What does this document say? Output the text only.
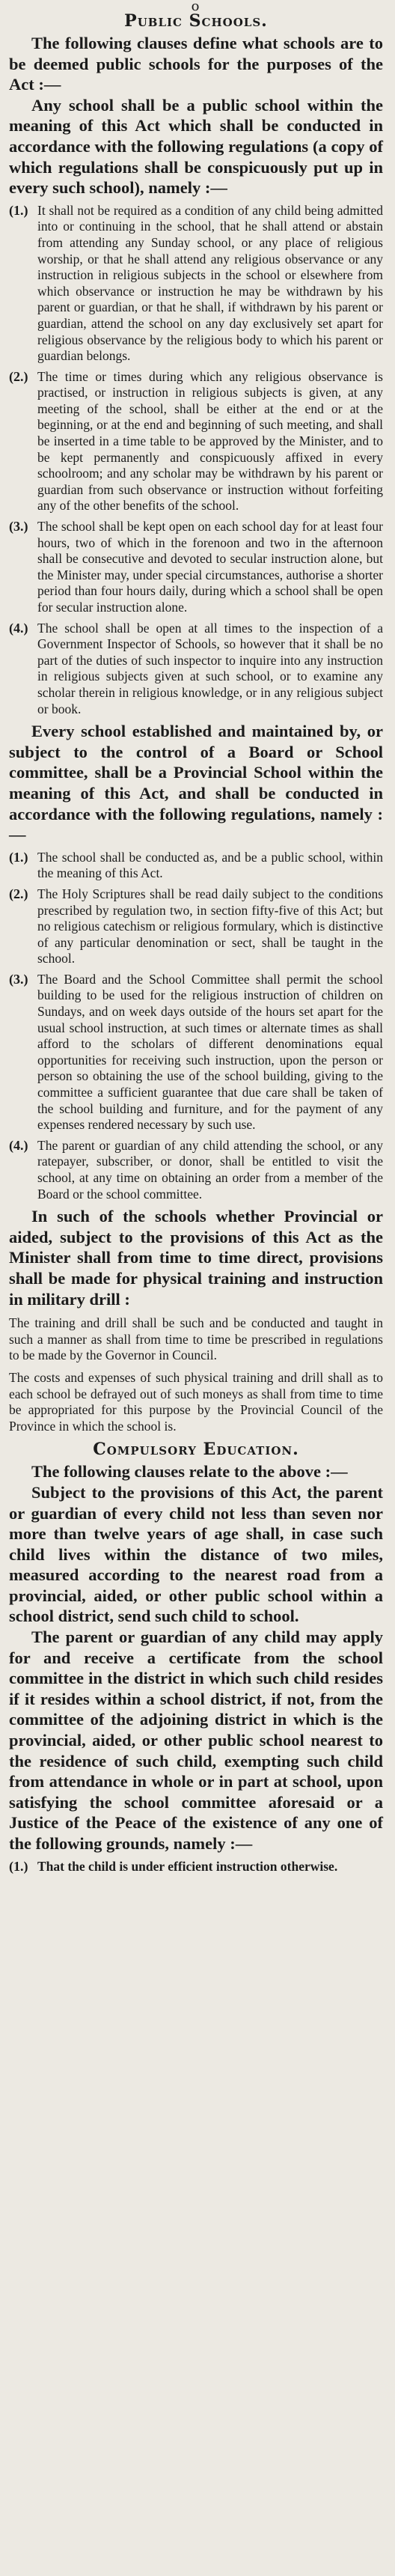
o
Public Schools.

The following clauses define what schools are to be deemed public schools for the purposes of the Act :—

Any school shall be a public school within the meaning of this Act which shall be conducted in accordance with the following regulations (a copy of which regulations shall be conspicuously put up in every such school), namely :—

(1.) It shall not be required as a condition of any child being admitted into or continuing in the school, that he shall attend or abstain from attending any Sunday school, or any place of religious worship, or that he shall attend any religious observance or any instruction in religious subjects in the school or elsewhere from which observance or instruction he may be withdrawn by his parent or guardian, or that he shall, if withdrawn by his parent or guardian, attend the school on any day exclusively set apart for religious observance by the religious body to which his parent or guardian belongs.
(2.) The time or times during which any religious observance is practised, or instruction in religious subjects is given, at any meeting of the school, shall be either at the end or at the beginning, or at the end and beginning of such meeting, and shall be inserted in a time table to be approved by the Minister, and to be kept permanently and conspicuously affixed in every schoolroom; and any scholar may be withdrawn by his parent or guardian from such observance or instruction without forfeiting any of the other benefits of the school.
(3.) The school shall be kept open on each school day for at least four hours, two of which in the forenoon and two in the afternoon shall be consecutive and devoted to secular instruction alone, but the Minister may, under special circumstances, authorise a shorter period than four hours daily, during which a school shall be open for secular instruction alone.
(4.) The school shall be open at all times to the inspection of a Government Inspector of Schools, so however that it shall be no part of the duties of such inspector to inquire into any instruction in religious subjects given at such school, or to examine any scholar therein in religious knowledge, or in any religious subject or book.

Every school established and maintained by, or subject to the control of a Board or School committee, shall be a Provincial School within the meaning of this Act, and shall be conducted in accordance with the following regulations, namely :—

(1.) The school shall be conducted as, and be a public school, within the meaning of this Act.
(2.) The Holy Scriptures shall be read daily subject to the conditions prescribed by regulation two, in section fifty-five of this Act; but no religious catechism or religious formulary, which is distinctive of any particular denomination or sect, shall be taught in the school.
(3.) The Board and the School Committee shall permit the school building to be used for the religious instruction of children on Sundays, and on week days outside of the hours set apart for the usual school instruction, at such times or alternate times as shall afford to the scholars of different denominations equal opportunities for receiving such instruction, upon the person or person so obtaining the use of the school building, giving to the committee a sufficient guarantee that due care shall be taken of the school building and furniture, and for the payment of any expenses rendered necessary by such use.
(4.) The parent or guardian of any child attending the school, or any ratepayer, subscriber, or donor, shall be entitled to visit the school, at any time on obtaining an order from a member of the Board or the school committee.

In such of the schools whether Provincial or aided, subject to the provisions of this Act as the Minister shall from time to time direct, provisions shall be made for physical training and instruction in military drill :

The training and drill shall be such and be conducted and taught in such a manner as shall from time to time be prescribed in regulations to be made by the Governor in Council.

The costs and expenses of such physical training and drill shall as to each school be defrayed out of such moneys as shall from time to time be appropriated for this purpose by the Provincial Council of the Province in which the school is.

Compulsory Education.

The following clauses relate to the above :—

Subject to the provisions of this Act, the parent or guardian of every child not less than seven nor more than twelve years of age shall, in case such child lives within the distance of two miles, measured according to the nearest road from a provincial, aided, or other public school within a school district, send such child to school.

The parent or guardian of any child may apply for and receive a certificate from the school committee in the district in which such child resides if it resides within a school district, if not, from the committee of the adjoining district in which is the provincial, aided, or other public school nearest to the residence of such child, exempting such child from attendance in whole or in part at school, upon satisfying the school committee aforesaid or a Justice of the Peace of the existence of any one of the following grounds, namely :—

(1.) That the child is under efficient instruction otherwise.
